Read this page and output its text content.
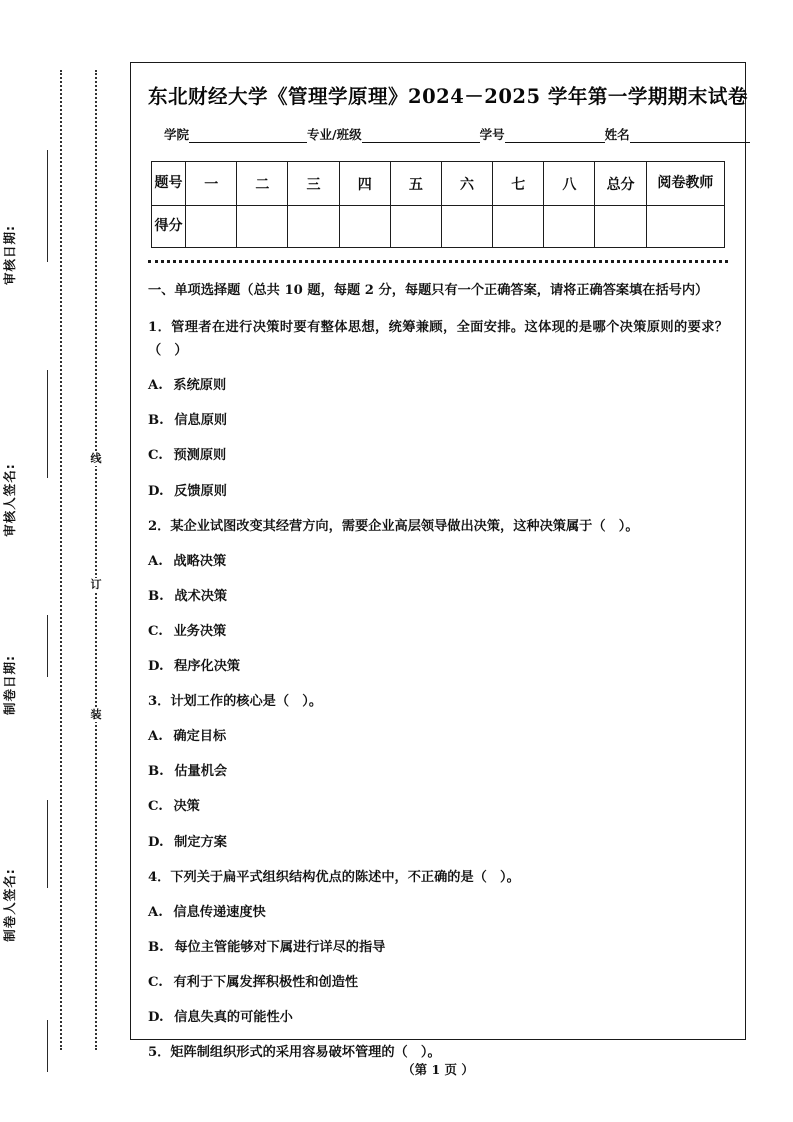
审核日期:
审核人签名:
制卷日期:
制卷人签名:
线
订
装
东北财经大学《管理学原理》2024－2025 学年第一学期期末试卷
学院	专业/班级	学号	姓名
题号	一	二	三	四	五	六	七	八	总分	阅卷教师
得分										
一、单项选择题（总共 10 题，每题 2 分，每题只有一个正确答案，请将正确答案填在括号内）
1．管理者在进行决策时要有整体思想，统筹兼顾，全面安排。这体现的是哪个决策原则的要求？（　）
A. 系统原则
B. 信息原则
C. 预测原则
D. 反馈原则
2．某企业试图改变其经营方向，需要企业高层领导做出决策，这种决策属于（　）。
A. 战略决策
B. 战术决策
C. 业务决策
D. 程序化决策
3．计划工作的核心是（　）。
A. 确定目标
B. 估量机会
C. 决策
D. 制定方案
4．下列关于扁平式组织结构优点的陈述中，不正确的是（　）。
A. 信息传递速度快
B. 每位主管能够对下属进行详尽的指导
C. 有利于下属发挥积极性和创造性
D. 信息失真的可能性小
5．矩阵制组织形式的采用容易破坏管理的（　）。
（第 1 页 ）
